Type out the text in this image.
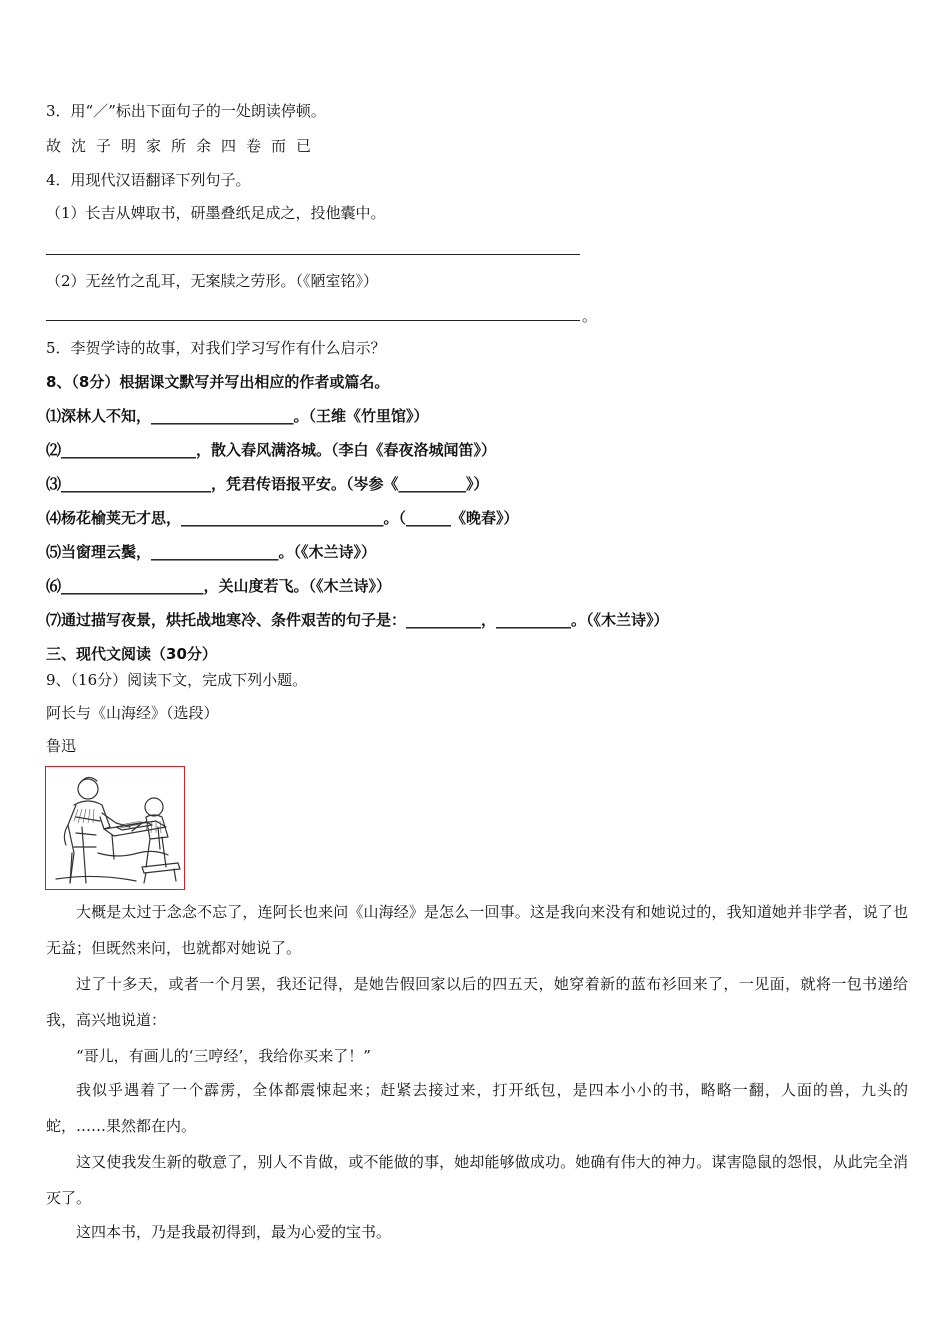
3．用“／”标出下面句子的一处朗读停顿。
故沈子明家所余四卷而已
4．用现代汉语翻译下列句子。
（1）长吉从婢取书，研墨叠纸足成之，投他囊中。
（2）无丝竹之乱耳，无案牍之劳形。（《陋室铭》）
。
5．李贺学诗的故事，对我们学习写作有什么启示？
8、（8分）根据课文默写并写出相应的作者或篇名。
⑴深林人不知，___________________。（王维《竹里馆》）
⑵__________________，散入春风满洛城。（李白《春夜洛城闻笛》）
⑶____________________，凭君传语报平安。（岑参《_________》）
⑷杨花榆荚无才思，___________________________。（______《晚春》）
⑸当窗理云鬓，_________________。（《木兰诗》）
⑹___________________，关山度若飞。（《木兰诗》）
⑺通过描写夜景，烘托战地寒冷、条件艰苦的句子是：__________，__________。（《木兰诗》）
三、现代文阅读（30分）
9、（16分）阅读下文，完成下列小题。
阿长与《山海经》（选段）
鲁迅
大概是太过于念念不忘了，连阿长也来问《山海经》是怎么一回事。这是我向来没有和她说过的，我知道她并非学者，说了也无益；但既然来问，也就都对她说了。
过了十多天，或者一个月罢，我还记得，是她告假回家以后的四五天，她穿着新的蓝布衫回来了，一见面，就将一包书递给我，高兴地说道：
“哥儿，有画儿的‘三哼经’，我给你买来了！”
我似乎遇着了一个霹雳，全体都震悚起来；赶紧去接过来，打开纸包，是四本小小的书，略略一翻，人面的兽，九头的蛇，……果然都在内。
这又使我发生新的敬意了，别人不肯做，或不能做的事，她却能够做成功。她确有伟大的神力。谋害隐鼠的怨恨，从此完全消灭了。
这四本书，乃是我最初得到，最为心爱的宝书。
